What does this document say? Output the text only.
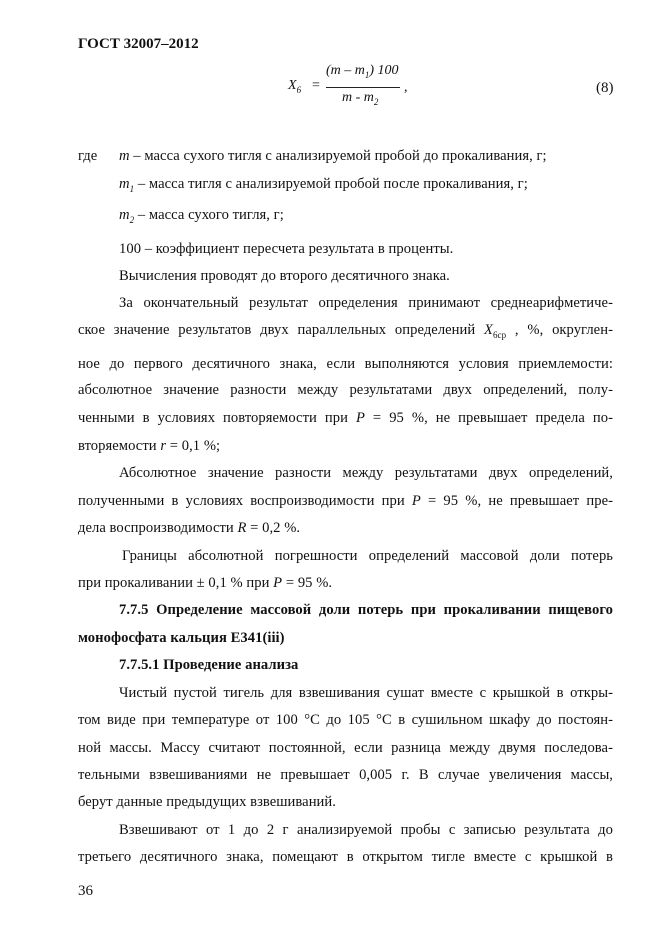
ГОСТ 32007–2012
$X_6$ =
$(m - m_1)$ 100
m - $m_2$
,	(8)
где m – масса сухого тигля с анализируемой пробой до прокаливания, г;
$m_1$ – масса тигля с анализируемой пробой после прокаливания, г;
$m_2$ – масса сухого тигля, г;
100 – коэффициент пересчета результата в проценты.
Вычисления проводят до второго десятичного знака.
За окончательный результат определения принимают среднеарифметиче-
ское значение результатов двух параллельных определений $X_{6ср}$ , %, округлен-
ное до первого десятичного знака, если выполняются условия приемлемости:
абсолютное значение разности между результатами двух определений, полу-
ченными в условиях повторяемости при P = 95 %, не превышает предела по-
вторяемости r = 0,1 %;
Абсолютное значение разности между результатами двух определений,
полученными в условиях воспроизводимости при P = 95 %, не превышает пре-
дела воспроизводимости R = 0,2 %.
Границы абсолютной погрешности определений массовой доли потерь
при прокаливании ± 0,1 % при P = 95 %.
7.7.5 Определение массовой доли потерь при прокаливании пищевого
монофосфата кальция Е341(iii)
7.7.5.1 Проведение анализа
Чистый пустой тигель для взвешивания сушат вместе с крышкой в откры-
том виде при температуре от 100 °С до 105 °С в сушильном шкафу до постоян-
ной массы. Массу считают постоянной, если разница между двумя последова-
тельными взвешиваниями не превышает 0,005 г. В случае увеличения массы,
берут данные предыдущих взвешиваний.
Взвешивают от 1 до 2 г анализируемой пробы с записью результата до
третьего десятичного знака, помещают в открытом тигле вместе с крышкой в
36
